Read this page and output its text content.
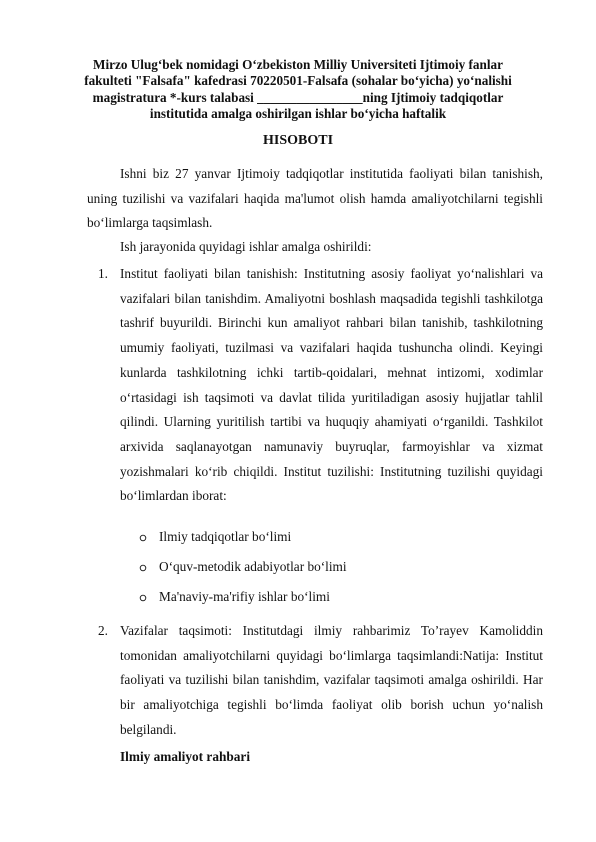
Mirzo Ulug‘bek nomidagi O‘zbekiston Milliy Universiteti Ijtimoiy fanlar fakulteti "Falsafa" kafedrasi 70220501-Falsafa (sohalar bo‘yicha) yo‘nalishi magistratura *-kurs talabasi ________________ning Ijtimoiy tadqiqotlar institutida amalga oshirilgan ishlar bo‘yicha haftalik
HISOBOTI

Ishni biz 27 yanvar Ijtimoiy tadqiqotlar institutida faoliyati bilan tanishish, uning tuzilishi va vazifalari haqida ma'lumot olish hamda amaliyotchilarni tegishli bo‘limlarga taqsimlash.

Ish jarayonida quyidagi ishlar amalga oshirildi:

1. Institut faoliyati bilan tanishish: Institutning asosiy faoliyat yo‘nalishlari va vazifalari bilan tanishdim. Amaliyotni boshlash maqsadida tegishli tashkilotga tashrif buyurildi. Birinchi kun amaliyot rahbari bilan tanishib, tashkilotning umumiy faoliyati, tuzilmasi va vazifalari haqida tushuncha olindi. Keyingi kunlarda tashkilotning ichki tartib-qoidalari, mehnat intizomi, xodimlar o‘rtasidagi ish taqsimoti va davlat tilida yuritiladigan asosiy hujjatlar tahlil qilindi. Ularning yuritilish tartibi va huquqiy ahamiyati o‘rganildi. Tashkilot arxivida saqlanayotgan namunaviy buyruqlar, farmoyishlar va xizmat yozishmalari ko‘rib chiqildi. Institut tuzilishi: Institutning tuzilishi quyidagi bo‘limlardan iborat:
Ilmiy tadqiqotlar bo‘limi
O‘quv-metodik adabiyotlar bo‘limi
Ma'naviy-ma'rifiy ishlar bo‘limi
2. Vazifalar taqsimoti: Institutdagi ilmiy rahbarimiz To’rayev Kamoliddin tomonidan amaliyotchilarni quyidagi bo‘limlarga taqsimlandi:Natija: Institut faoliyati va tuzilishi bilan tanishdim, vazifalar taqsimoti amalga oshirildi. Har bir amaliyotchiga tegishli bo‘limda faoliyat olib borish uchun yo‘nalish belgilandi.
Ilmiy amaliyot rahbari
